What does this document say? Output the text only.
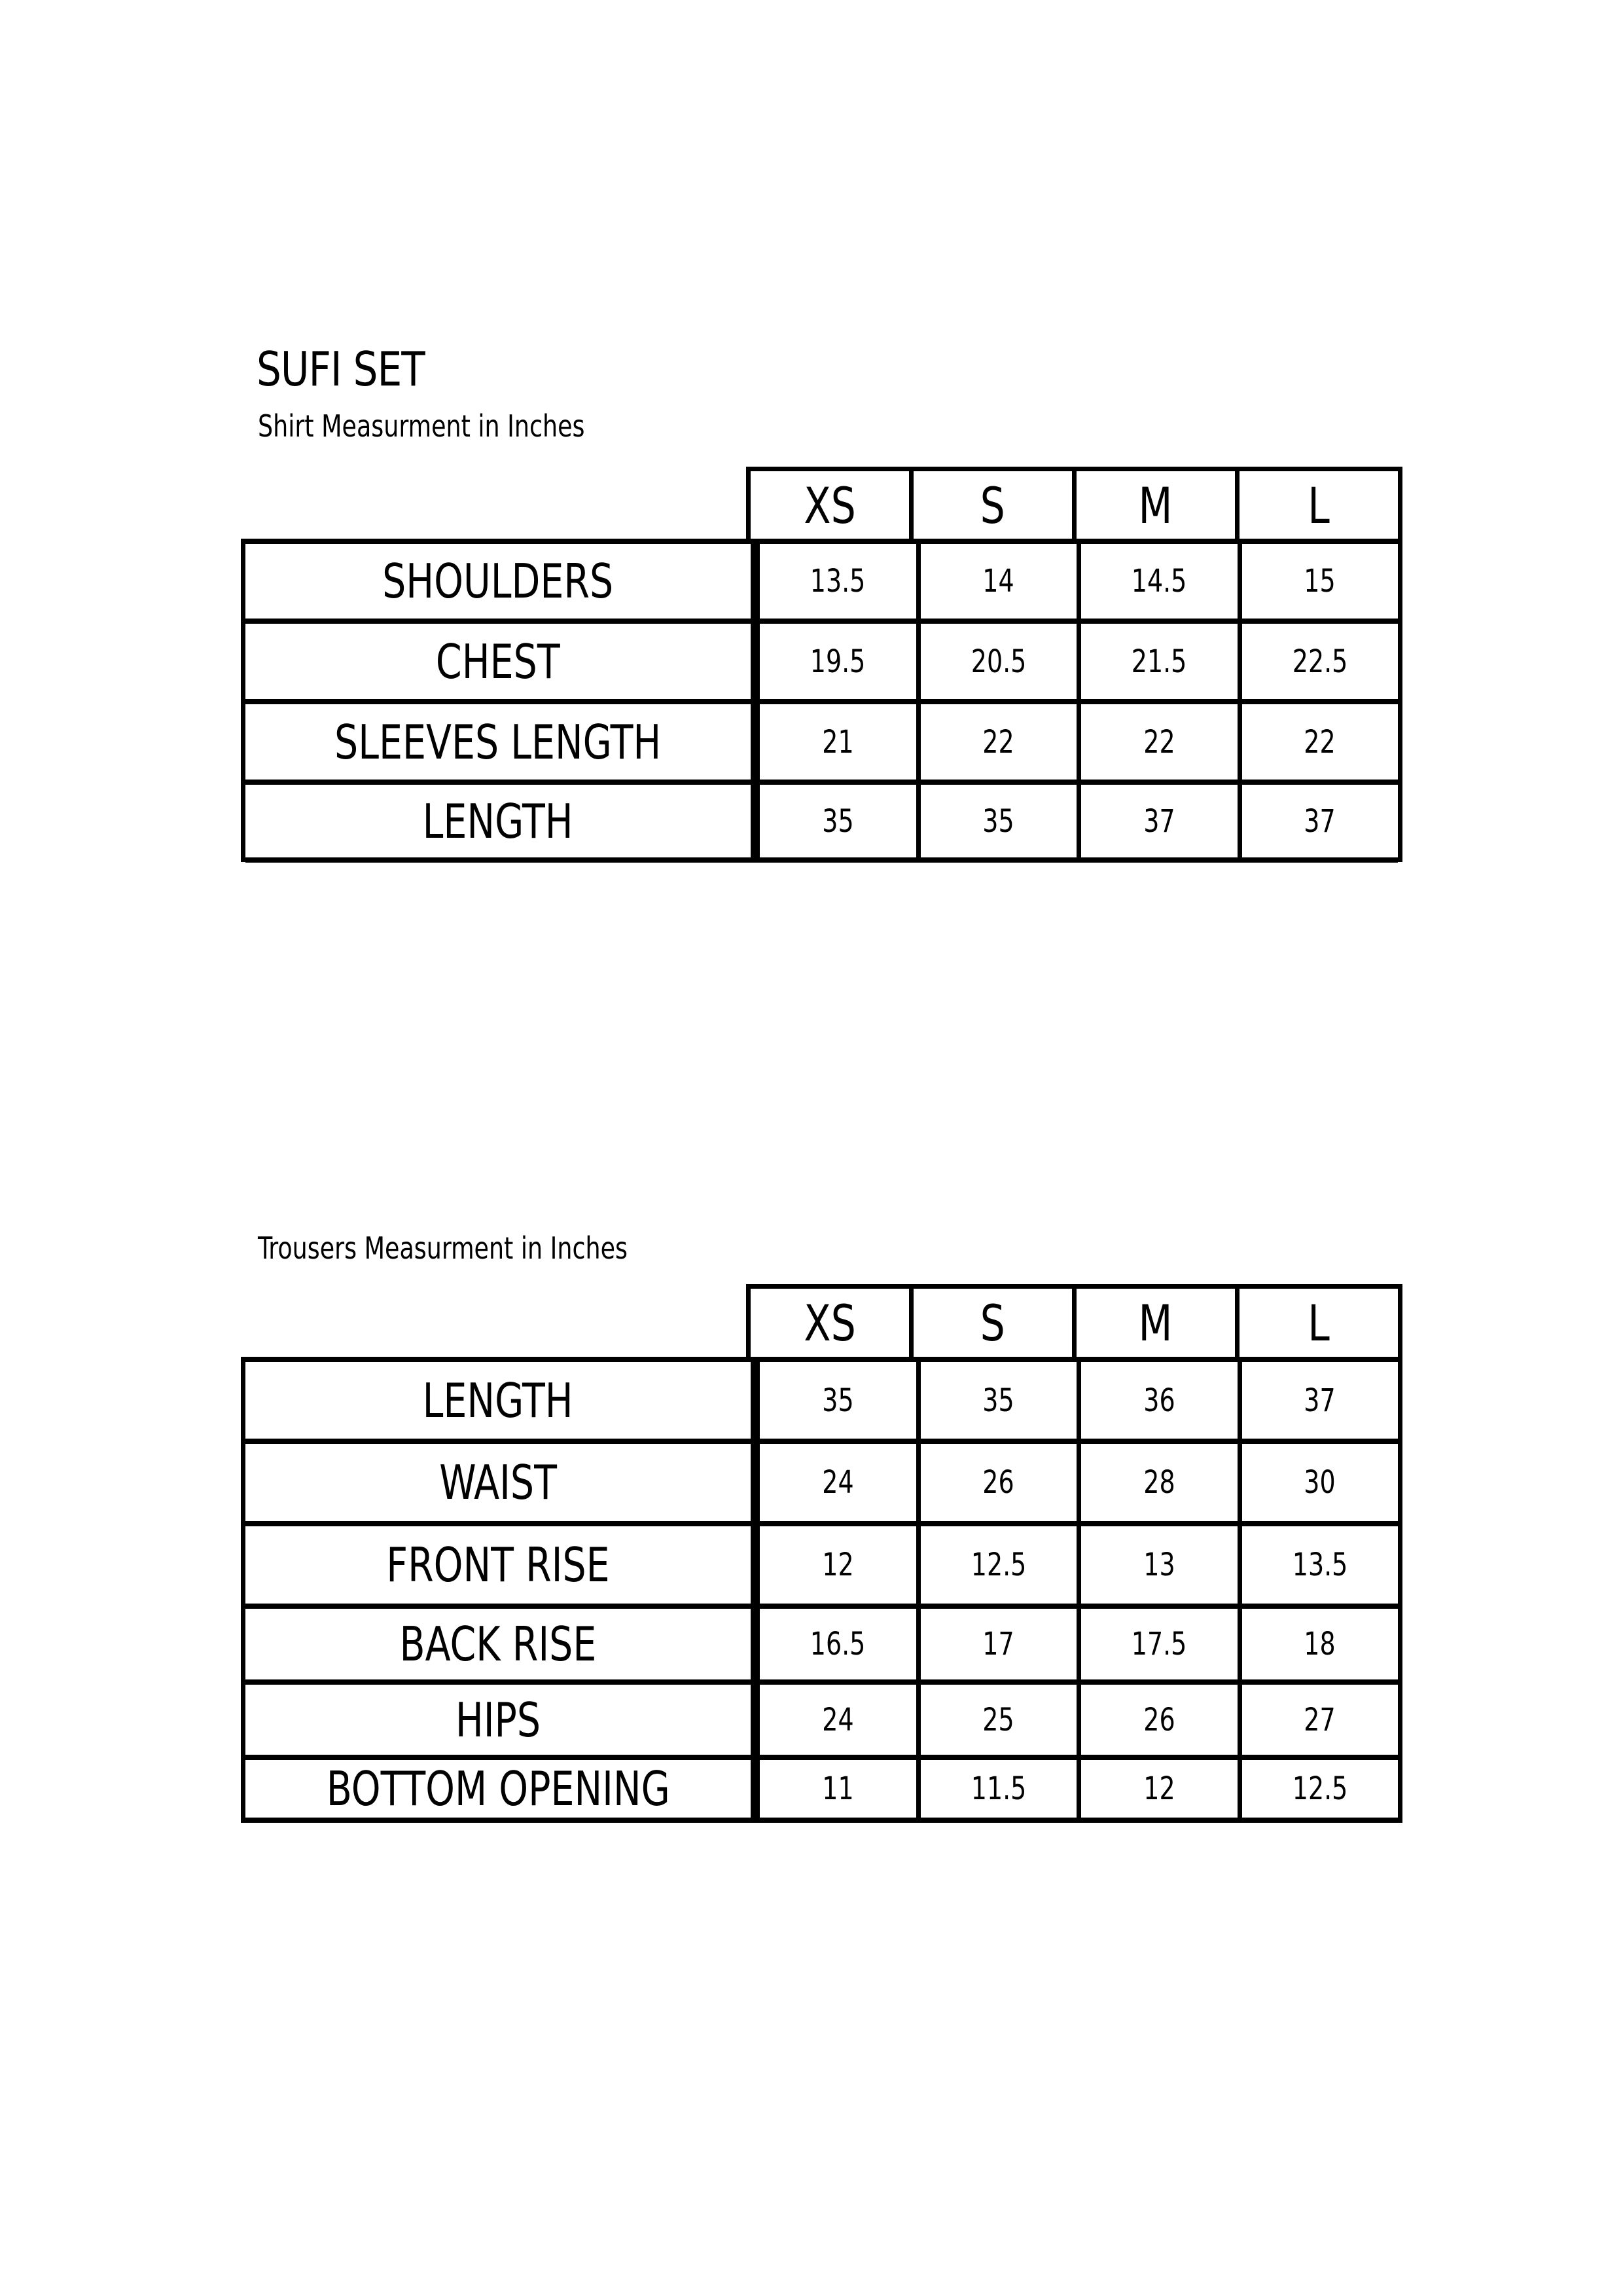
SUFI SET
Shirt Measurment in Inches
XS	S	M	L
SHOULDERS	13.5	14	14.5	15
CHEST	19.5	20.5	21.5	22.5
SLEEVES LENGTH	21	22	22	22
LENGTH	35	35	37	37
Trousers Measurment in Inches
XS	S	M	L
LENGTH	35	35	36	37
WAIST	24	26	28	30
FRONT RISE	12	12.5	13	13.5
BACK RISE	16.5	17	17.5	18
HIPS	24	25	26	27
BOTTOM OPENING	11	11.5	12	12.5
